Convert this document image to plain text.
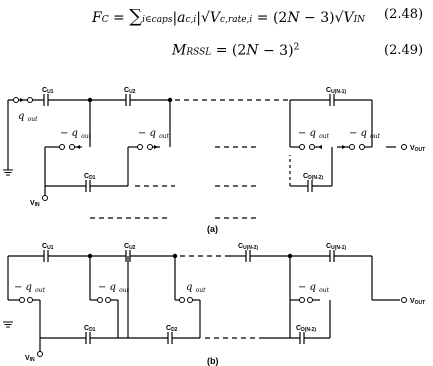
FC = ∑i∈caps|ac,i|√Vc,rate,i = (2N − 3)√VIN (2.48)
MRSSL = $(2N - 3)^2$	(2.49)
CU1	CU2	CU(N-1)
CD1	CD(N-2)
q $_{out}$
− q $_{out}$	− q $_{out}$	− q $_{out}$ − q $_{out}$
VIN
VOUT
(a)
CU1	CU2	CU(N-2)	CU(N-1)
CD1	CD2	CD(N-2)
− q $_{out}$	− q $_{out}$	q $_{out}$	− q $_{out}$
VIN
VOUT
(b)
